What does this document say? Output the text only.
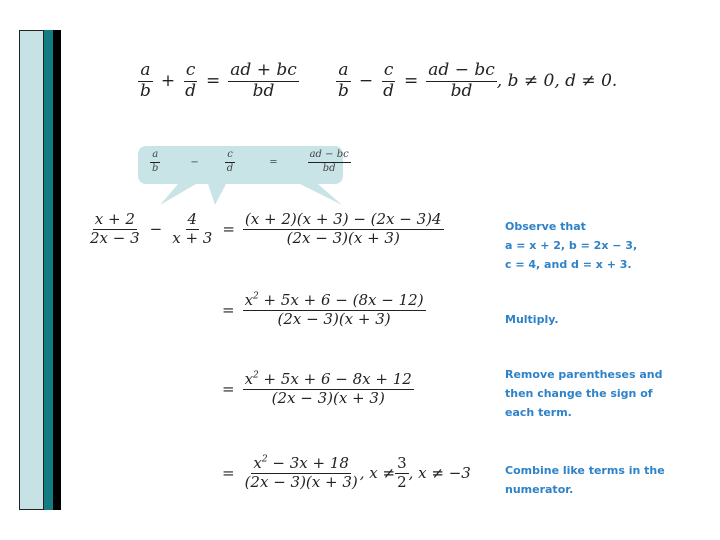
$\frac{a}{b} + \frac{c}{d} = \frac{ad + bc}{bd} \frac{a}{b} - \frac{c}{d} = \frac{ad - bc}{bd}$ , b ≠ 0, d ≠ 0.
$\frac{a}{b}$	−	$\frac{c}{d}$	=	$\frac{ad - bc}{bd}$
$\frac{x + 2}{2x - 3} - \frac{4}{x + 3} = \frac{(x + 2)(x + 3) - (2x - 3)4}{(2x - 3)(x + 3)}$	Observe that
a = x + 2, b = 2x − 3,
c = 4, and d = x + 3.
= $\frac{x^2 + 5x + 6 - (8x - 12)}{(2x - 3)(x + 3)}$	Multiply.
= $\frac{x^2 + 5x + 6 - 8x + 12}{(2x - 3)(x + 3)}$	Remove parentheses and
then change the sign of
each term.
= $\frac{x^2 - 3x + 18}{(2x - 3)(x + 3)}$ , $x \ne \frac{3}{2}$ , x ≠ −3	Combine like terms in the
numerator.
